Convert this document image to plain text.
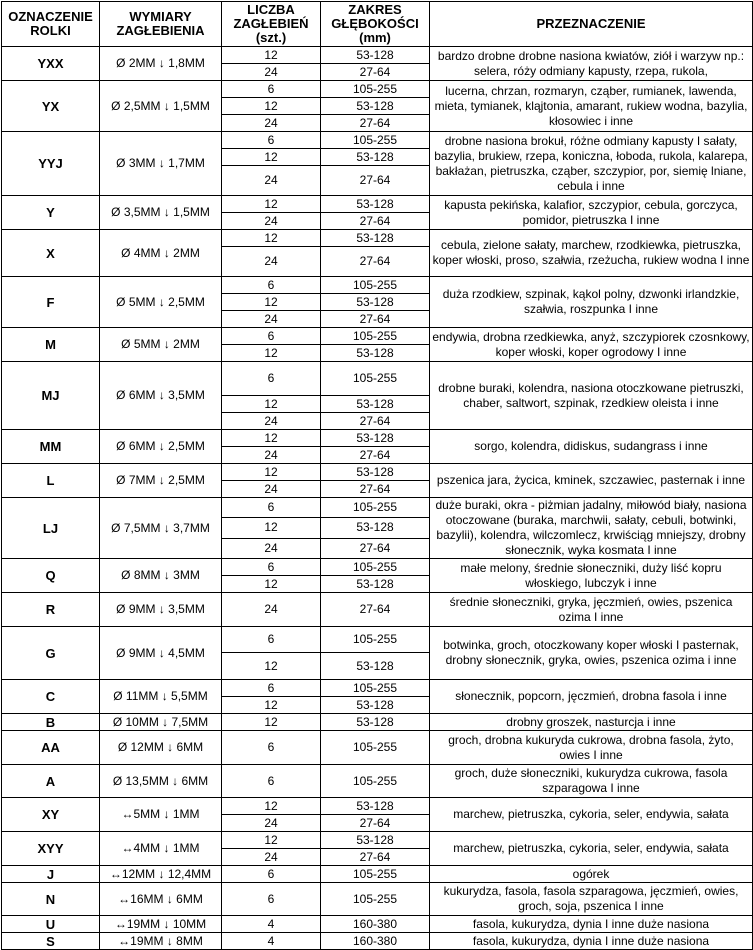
OZNACZENIE ROLKI	WYMIARY ZAGŁEBIENIA	LICZBA ZAGŁEBIEŃ (szt.)	ZAKRES GŁĘBOKOŚCI (mm)	PRZEZNACZENIE
YXX	Ø 2MM ↓ 1,8MM	12	53-128	bardzo drobne drobne nasiona kwiatów, ziół i warzyw np.: selera, róży odmiany kapusty, rzepa, rukola,
		24	27-64	
YX	Ø 2,5MM ↓ 1,5MM	6	105-255	lucerna, chrzan, rozmaryn, cząber, rumianek, lawenda, mieta, tymianek, kląjtonia, amarant, rukiew wodna, bazylia, kłosowiec i inne
		12	53-128	
		24	27-64	
YYJ	Ø 3MM ↓ 1,7MM	6	105-255	drobne nasiona brokuł, różne odmiany kapusty I sałaty, bazylia, brukiew, rzepa, koniczna, łoboda, rukola, kalarepa, bakłażan, pietruszka, cząber, szczypior, por, siemię lniane, cebula i inne
		12	53-128	
		24	27-64	
Y	Ø 3,5MM ↓ 1,5MM	12	53-128	kapusta pekińska, kalafior, szczypior, cebula, gorczyca, pomidor, pietruszka I inne
		24	27-64	
X	Ø 4MM ↓ 2MM	12	53-128	cebula, zielone sałaty, marchew, rzodkiewka, pietruszka, koper włoski, proso, szałwia, rzeżucha, rukiew wodna I inne
		24	27-64	
F	Ø 5MM ↓ 2,5MM	6	105-255	duża rzodkiew, szpinak, kąkol polny, dzwonki irlandzkie, szałwia, roszpunka I inne
		12	53-128	
		24	27-64	
M	Ø 5MM ↓ 2MM	6	105-255	endywia, drobna rzedkiewka, anyż, szczypiorek czosnkowy, koper włoski, koper ogrodowy I inne
		12	53-128	
MJ	Ø 6MM ↓ 3,5MM	6	105-255	drobne buraki, kolendra, nasiona otoczkowane pietruszki, chaber, saltwort, szpinak, rzedkiew oleista i inne
		12	53-128	
		24	27-64	
MM	Ø 6MM ↓ 2,5MM	12	53-128	sorgo, kolendra, didiskus, sudangrass i inne
		24	27-64	
L	Ø 7MM ↓ 2,5MM	12	53-128	pszenica jara, życica, kminek, szczawiec, pasternak i inne
		24	27-64	
LJ	Ø 7,5MM ↓ 3,7MM	6	105-255	duże buraki, okra - piżmian jadalny, miłowód biały, nasiona otoczowane (buraka, marchwii, sałaty, cebuli, botwinki, bazylii), kolendra, wilczomlecz, krwiściąg mniejszy, drobny słonecznik, wyka kosmata I inne
		12	53-128	
		24	27-64	
Q	Ø 8MM ↓ 3MM	6	105-255	małe melony, średnie słoneczniki, duży liść kopru włoskiego, lubczyk i inne
		12	53-128	
R	Ø 9MM ↓ 3,5MM	24	27-64	średnie słoneczniki, gryka, jęczmień, owies, pszenica ozima I inne
G	Ø 9MM ↓ 4,5MM	6	105-255	botwinka, groch, otoczkowany koper włoski I pasternak, drobny słonecznik, gryka, owies, pszenica ozima i inne
		12	53-128	
C	Ø 11MM ↓ 5,5MM	6	105-255	słonecznik, popcorn, jęczmień, drobna fasola i inne
		12	53-128	
B	Ø 10MM ↓ 7,5MM	12	53-128	drobny groszek, nasturcja i inne
AA	Ø 12MM ↓ 6MM	6	105-255	groch, drobna kukuryda cukrowa, drobna fasola, żyto, owies I inne
A	Ø 13,5MM ↓ 6MM	6	105-255	groch, duże słoneczniki, kukurydza cukrowa, fasola szparagowa I inne
XY	↔5MM ↓ 1MM	12	53-128	marchew, pietruszka, cykoria, seler, endywia, sałata
		24	27-64	
XYY	↔4MM ↓ 1MM	12	53-128	marchew, pietruszka, cykoria, seler, endywia, sałata
		24	27-64	
J	↔12MM ↓ 12,4MM	6	105-255	ogórek
N	↔16MM ↓ 6MM	6	105-255	kukurydza, fasola, fasola szparagowa, jęczmień, owies, groch, soja, pszenica I inne
U	↔19MM ↓ 10MM	4	160-380	fasola, kukurydza, dynia I inne duże nasiona
S	↔19MM ↓ 8MM	4	160-380	fasola, kukurydza, dynia I inne duże nasiona
